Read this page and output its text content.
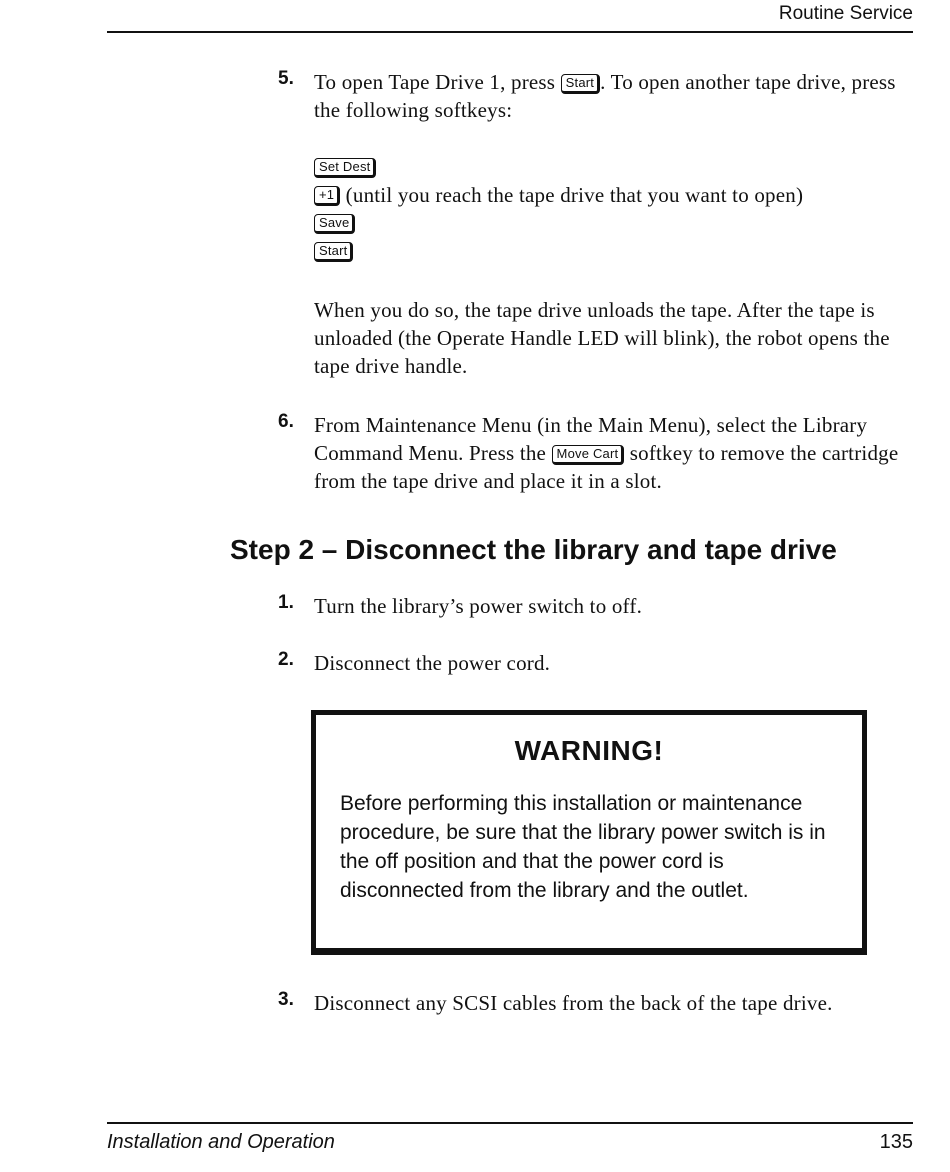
Routine Service
5. To open Tape Drive 1, press Start . To open another tape drive, press the following softkeys:
Set Dest
+1 (until you reach the tape drive that you want to open)
Save
Start
When you do so, the tape drive unloads the tape. After the tape is unloaded (the Operate Handle LED will blink), the robot opens the tape drive handle.
6. From Maintenance Menu (in the Main Menu), select the Library Command Menu. Press the Move Cart softkey to remove the cartridge from the tape drive and place it in a slot.
Step 2 – Disconnect the library and tape drive
1. Turn the library’s power switch to off.
2. Disconnect the power cord.
WARNING!
Before performing this installation or maintenance procedure, be sure that the library power switch is in the off position and that the power cord is disconnected from the library and the outlet.
3. Disconnect any SCSI cables from the back of the tape drive.
Installation and Operation	135
